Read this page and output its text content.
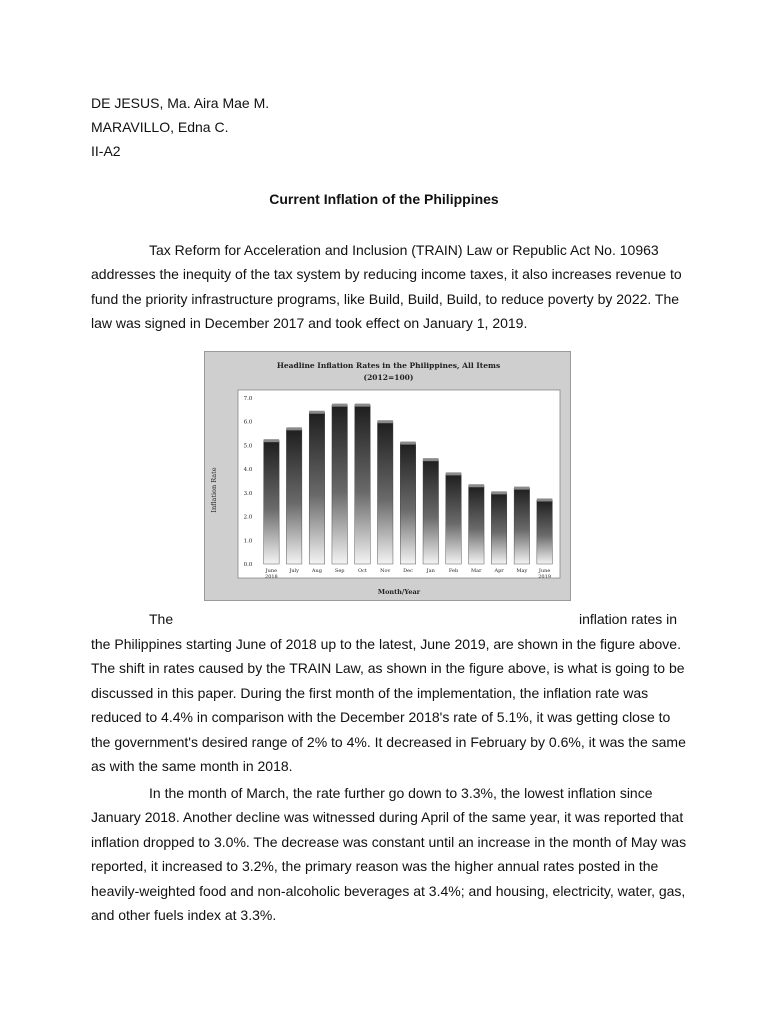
DE JESUS, Ma. Aira Mae M.
MARAVILLO, Edna C.
II-A2
Current Inflation of the Philippines
Tax Reform for Acceleration and Inclusion (TRAIN) Law or Republic Act No. 10963 addresses the inequity of the tax system by reducing income taxes, it also increases revenue to fund the priority infrastructure programs, like Build, Build, Build, to reduce poverty by 2022. The law was signed in December 2017 and took effect on January 1, 2019.
Headline Inflation Rates in the Philippines, All Items
(2012=100)
0.0
1.0
2.0
3.0
4.0
5.0
6.0
7.0
June
2018
July	Aug	Sep	Oct	Nov	Dec	Jan	Feb	Mar	Apr	May June
2019
Inflation Rate
Month/Year
The	inflation rates in
the Philippines starting June of 2018 up to the latest, June 2019, are shown in the figure above. The shift in rates caused by the TRAIN Law, as shown in the figure above, is what is going to be discussed in this paper. During the first month of the implementation, the inflation rate was reduced to 4.4% in comparison with the December 2018's rate of 5.1%, it was getting close to the government's desired range of 2% to 4%. It decreased in February by 0.6%, it was the same as with the same month in 2018.
In the month of March, the rate further go down to 3.3%, the lowest inflation since January 2018. Another decline was witnessed during April of the same year, it was reported that inflation dropped to 3.0%. The decrease was constant until an increase in the month of May was reported, it increased to 3.2%, the primary reason was the higher annual rates posted in the heavily-weighted food and non-alcoholic beverages at 3.4%; and housing, electricity, water, gas, and other fuels index at 3.3%.
